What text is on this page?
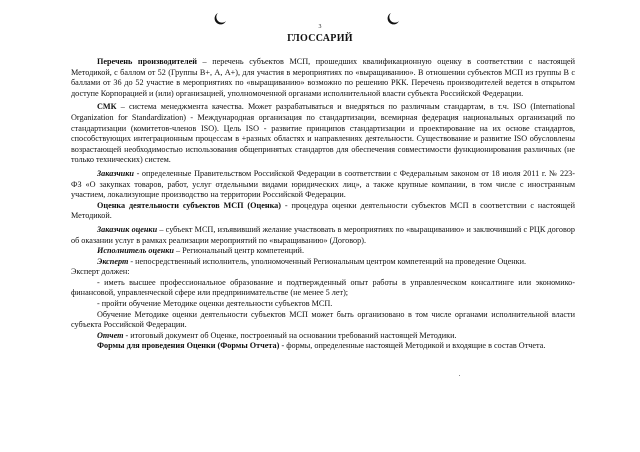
3
ГЛОССАРИЙ

Перечень производителей – перечень субъектов МСП, прошедших квалификационную оценку в соответствии с настоящей Методикой, с баллом от 52 (Группы В+, А, А+), для участия в мероприятиях по «выращиванию». В отношении субъектов МСП из группы В с баллами от 36 до 52 участие в мероприятиях по «выращиванию» возможно по решению РКК. Перечень производителей ведется в открытом доступе Корпорацией и (или) организацией, уполномоченной органами исполнительной власти субъекта Российской Федерации.

СМК – система менеджмента качества. Может разрабатываться и внедряться по различным стандартам, в т.ч. ISO (International Organization for Standardization) - Международная организация по стандартизации, всемирная федерация национальных организаций по стандартизации (комитетов-членов ISO). Цель ISO - развитие принципов стандартизации и проектирование на их основе стандартов, способствующих интеграционным процессам в +разных областях и направлениях деятельности. Существование и развитие ISO обусловлены возрастающей необходимостью использования общепринятых стандартов для обеспечения совместимости функционирования различных (не только технических) систем.

Заказчики - определенные Правительством Российской Федерации в соответствии с Федеральным законом от 18 июля 2011 г. № 223-ФЗ «О закупках товаров, работ, услуг отдельными видами юридических лиц», а также крупные компании, в том числе с иностранным участием, локализующие производство на территории Российской Федерации.

Оценка деятельности субъектов МСП (Оценка) - процедура оценки деятельности субъектов МСП в соответствии с настоящей Методикой.

Заказчик оценки – субъект МСП, изъявивший желание участвовать в мероприятиях по «выращиванию» и заключивший с РЦК договор об оказании услуг в рамках реализации мероприятий по «выращиванию» (Договор).

Исполнитель оценки – Региональный центр компетенций.

Эксперт - непосредственный исполнитель, уполномоченный Региональным центром компетенций на проведение Оценки.

Эксперт должен:

- иметь высшее профессиональное образование и подтвержденный опыт работы в управленческом консалтинге или экономико-финансовой, управленческой сфере или предпринимательстве (не менее 5 лет);

- пройти обучение Методике оценки деятельности субъектов МСП.

Обучение Методике оценки деятельности субъектов МСП может быть организовано в том числе органами исполнительной власти субъекта Российской Федерации.

Отчет - итоговый документ об Оценке, построенный на основании требований настоящей Методики.

Формы для проведения Оценки (Формы Отчета) - формы, определенные настоящей Методикой и входящие в состав Отчета.
